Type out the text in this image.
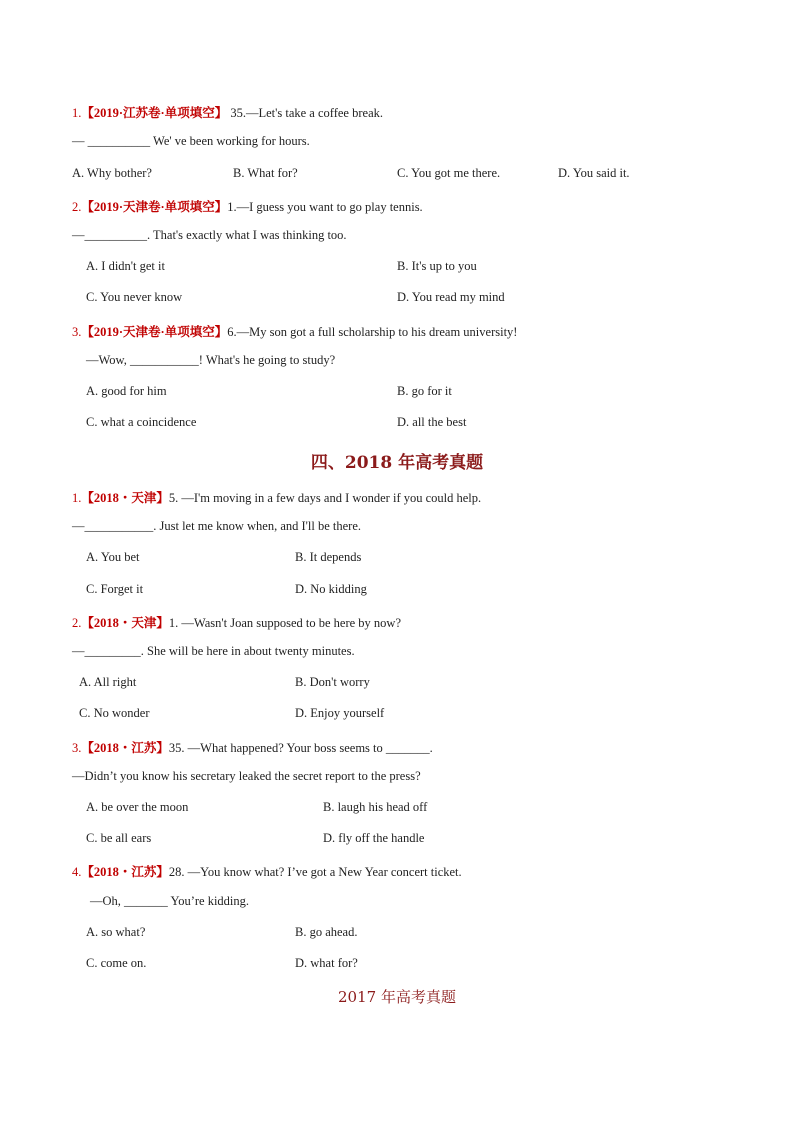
1.【2019·江苏卷·单项填空】 35.—Let's take a coffee break.
— __________ We' ve been working for hours.
A. Why bother?	B. What for?	C. You got me there.	D. You said it.
2.【2019·天津卷·单项填空】1.—I guess you want to go play tennis.
—__________. That's exactly what I was thinking too.
A. I didn't get it	B. It's up to you
C. You never know	D. You read my mind
3.【2019·天津卷·单项填空】6.—My son got a full scholarship to his dream university!
—Wow, ___________! What's he going to study?
A. good for him	B. go for it
C. what a coincidence	D. all the best
四、2018 年高考真题
1.【2018・天津】5. —I'm moving in a few days and I wonder if you could help.
—___________. Just let me know when, and I'll be there.
A. You bet	B. It depends
C. Forget it	D. No kidding
2.【2018・天津】1. —Wasn't Joan supposed to be here by now?
—_________. She will be here in about twenty minutes.
A. All right	B. Don't worry
C. No wonder	D. Enjoy yourself
3.【2018・江苏】35. —What happened? Your boss seems to _______.
—Didn’t you know his secretary leaked the secret report to the press?
A. be over the moon	B. laugh his head off
C. be all ears	D. fly off the handle
4.【2018・江苏】28. —You know what? I’ve got a New Year concert ticket.
—Oh, _______ You’re kidding.
A. so what?	B. go ahead.
C. come on.	D. what for?
2017 年高考真题
